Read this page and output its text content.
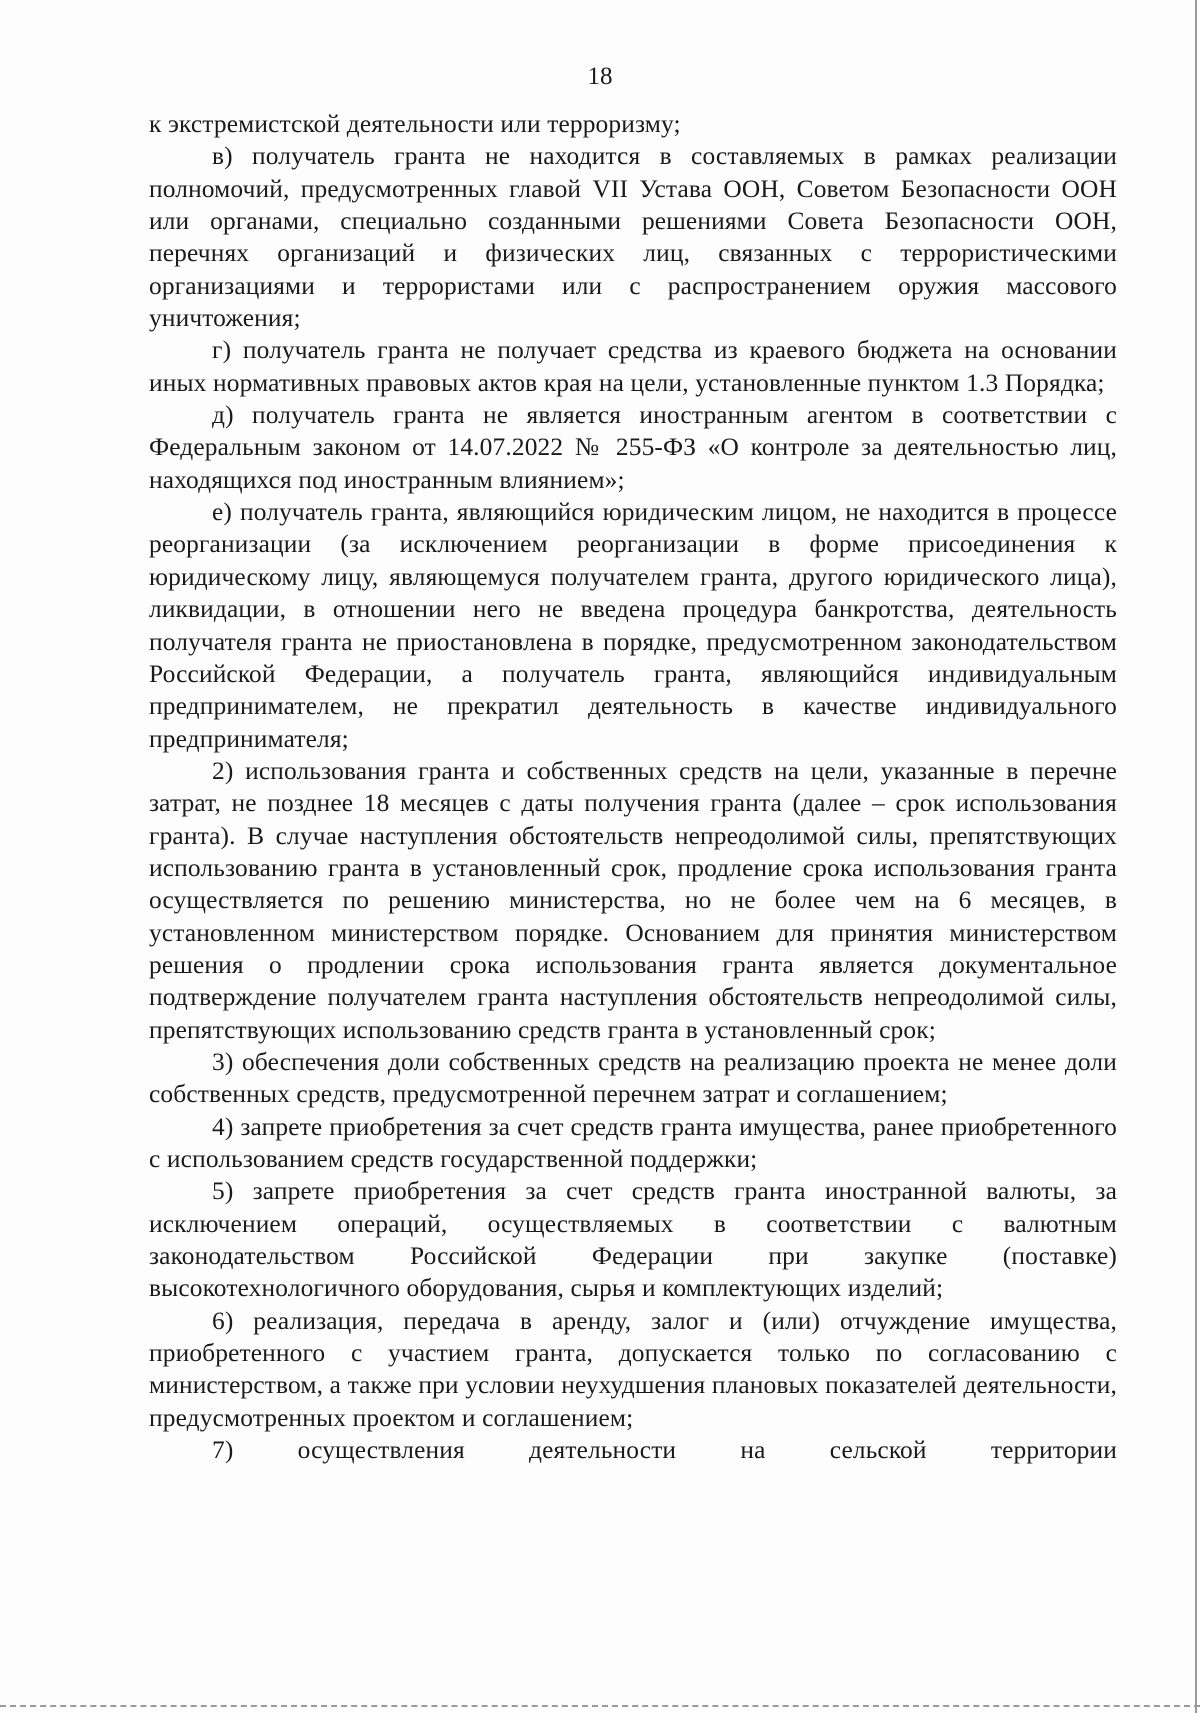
18

к экстремистской деятельности или терроризму;

в) получатель гранта не находится в составляемых в рамках реализации полномочий, предусмотренных главой VII Устава ООН, Советом Безопасности ООН или органами, специально созданными решениями Совета Безопасности ООН, перечнях организаций и физических лиц, связанных с террористическими организациями и террористами или с распространением оружия массового уничтожения;

г) получатель гранта не получает средства из краевого бюджета на основании иных нормативных правовых актов края на цели, установленные пунктом 1.3 Порядка;

д) получатель гранта не является иностранным агентом в соответствии с Федеральным законом от 14.07.2022 № 255-ФЗ «О контроле за деятельностью лиц, находящихся под иностранным влиянием»;

е) получатель гранта, являющийся юридическим лицом, не находится в процессе реорганизации (за исключением реорганизации в форме присоединения к юридическому лицу, являющемуся получателем гранта, другого юридического лица), ликвидации, в отношении него не введена процедура банкротства, деятельность получателя гранта не приостановлена в порядке, предусмотренном законодательством Российской Федерации, а получатель гранта, являющийся индивидуальным предпринимателем, не прекратил деятельность в качестве индивидуального предпринимателя;

2) использования гранта и собственных средств на цели, указанные в перечне затрат, не позднее 18 месяцев с даты получения гранта (далее – срок использования гранта). В случае наступления обстоятельств непреодолимой силы, препятствующих использованию гранта в установленный срок, продление срока использования гранта осуществляется по решению министерства, но не более чем на 6 месяцев, в установленном министерством порядке. Основанием для принятия министерством решения о продлении срока использования гранта является документальное подтверждение получателем гранта наступления обстоятельств непреодолимой силы, препятствующих использованию средств гранта в установленный срок;

3) обеспечения доли собственных средств на реализацию проекта не менее доли собственных средств, предусмотренной перечнем затрат и соглашением;

4) запрете приобретения за счет средств гранта имущества, ранее приобретенного с использованием средств государственной поддержки;

5) запрете приобретения за счет средств гранта иностранной валюты, за исключением операций, осуществляемых в соответствии с валютным законодательством Российской Федерации при закупке (поставке) высокотехнологичного оборудования, сырья и комплектующих изделий;

6) реализация, передача в аренду, залог и (или) отчуждение имущества, приобретенного с участием гранта, допускается только по согласованию с министерством, а также при условии неухудшения плановых показателей деятельности, предусмотренных проектом и соглашением;

7) осуществления деятельности на сельской территории
